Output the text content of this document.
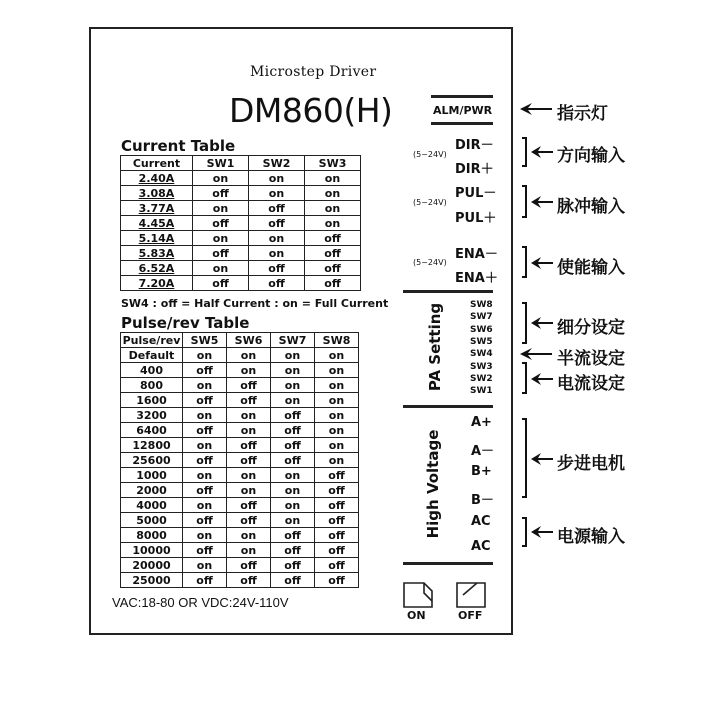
Microstep Driver
DM860(H)
Current Table
Current	SW1	SW2	SW3
2.40A	on	on	on
3.08A	off	on	on
3.77A	on	off	on
4.45A	off	off	on
5.14A	on	on	off
5.83A	off	on	off
6.52A	on	off	off
7.20A	off	off	off
SW4 : off = Half Current : on = Full Current
Pulse/rev Table
Pulse/rev	SW5	SW6	SW7	SW8
Default	on	on	on	on
400	off	on	on	on
800	on	off	on	on
1600	off	off	on	on
3200	on	on	off	on
6400	off	on	off	on
12800	on	off	off	on
25600	off	off	off	on
1000	on	on	on	off
2000	off	on	on	off
4000	on	off	on	off
5000	off	off	on	off
8000	on	on	off	off
10000	off	on	off	off
20000	on	off	off	off
25000	off	off	off	off
VAC:18-80 OR VDC:24V-110V
ALM/PWR
(5~24V)
DIR－
DIR＋
(5~24V)
PUL－
PUL＋
(5~24V)
ENA－
ENA＋
PA Setting	SW8
SW7
SW6
SW5
SW4
SW3
SW2
SW1
High Voltage
A+
A－
B+
B－
AC
AC
ON	OFF
指示灯
方向输入
脉冲输入
使能输入
细分设定
半流设定
电流设定
步进电机
电源输入
